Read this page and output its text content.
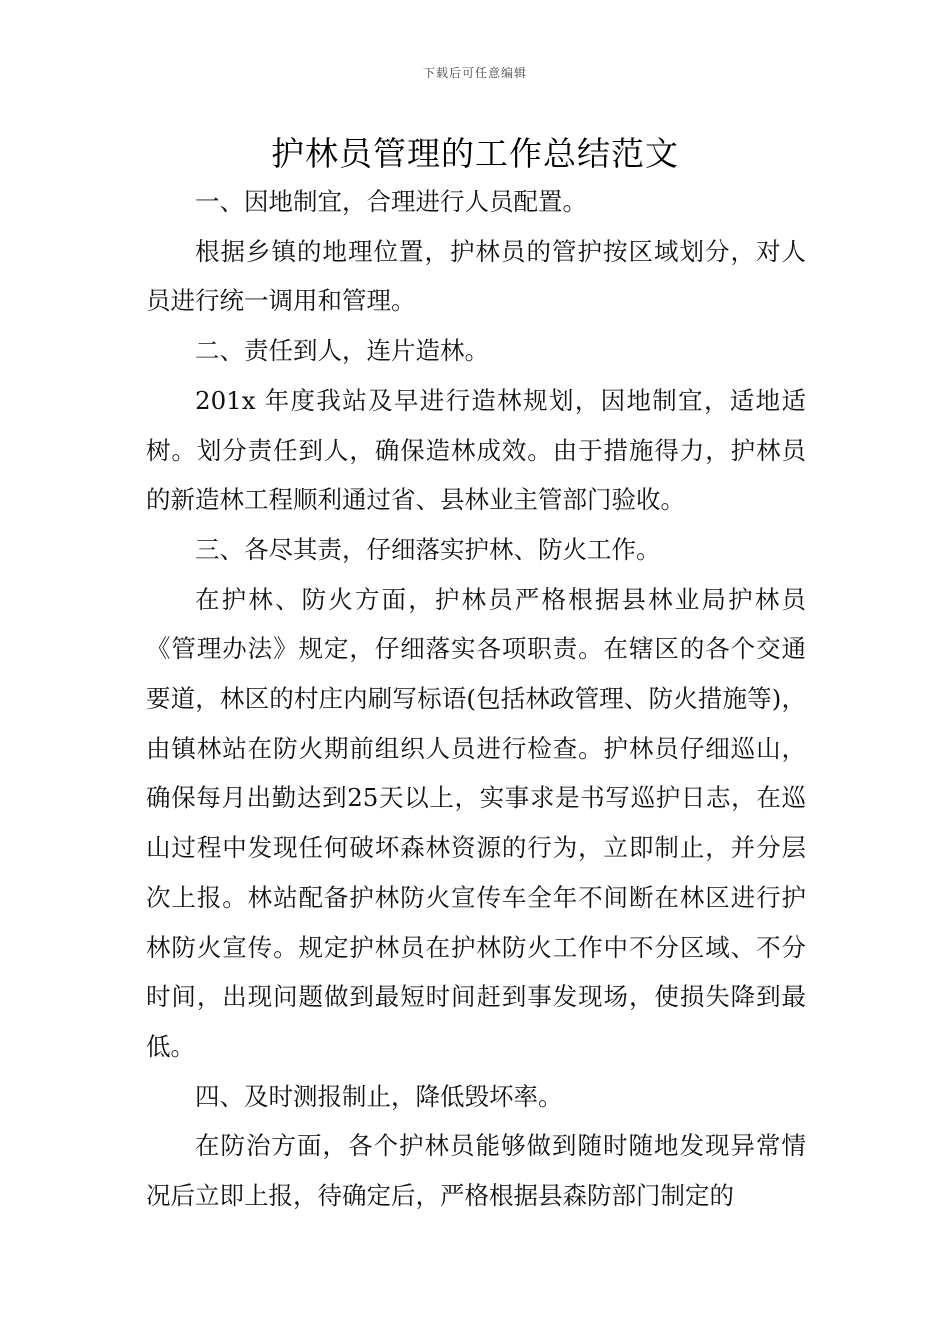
下载后可任意编辑
护林员管理的工作总结范文

一、因地制宜，合理进行人员配置。

根据乡镇的地理位置，护林员的管护按区域划分，对人员进行统一调用和管理。

二、责任到人，连片造林。

201x 年度我站及早进行造林规划，因地制宜，适地适树。划分责任到人，确保造林成效。由于措施得力，护林员的新造林工程顺利通过省、县林业主管部门验收。

三、各尽其责，仔细落实护林、防火工作。

在护林、防火方面，护林员严格根据县林业局护林员《管理办法》规定，仔细落实各项职责。在辖区的各个交通要道，林区的村庄内刷写标语(包括林政管理、防火措施等)，由镇林站在防火期前组织人员进行检查。护林员仔细巡山，确保每月出勤达到25天以上，实事求是书写巡护日志，在巡山过程中发现任何破坏森林资源的行为，立即制止，并分层次上报。林站配备护林防火宣传车全年不间断在林区进行护林防火宣传。规定护林员在护林防火工作中不分区域、不分时间，出现问题做到最短时间赶到事发现场，使损失降到最低。

四、及时测报制止，降低毁坏率。

在防治方面，各个护林员能够做到随时随地发现异常情况后立即上报，待确定后，严格根据县森防部门制定的
